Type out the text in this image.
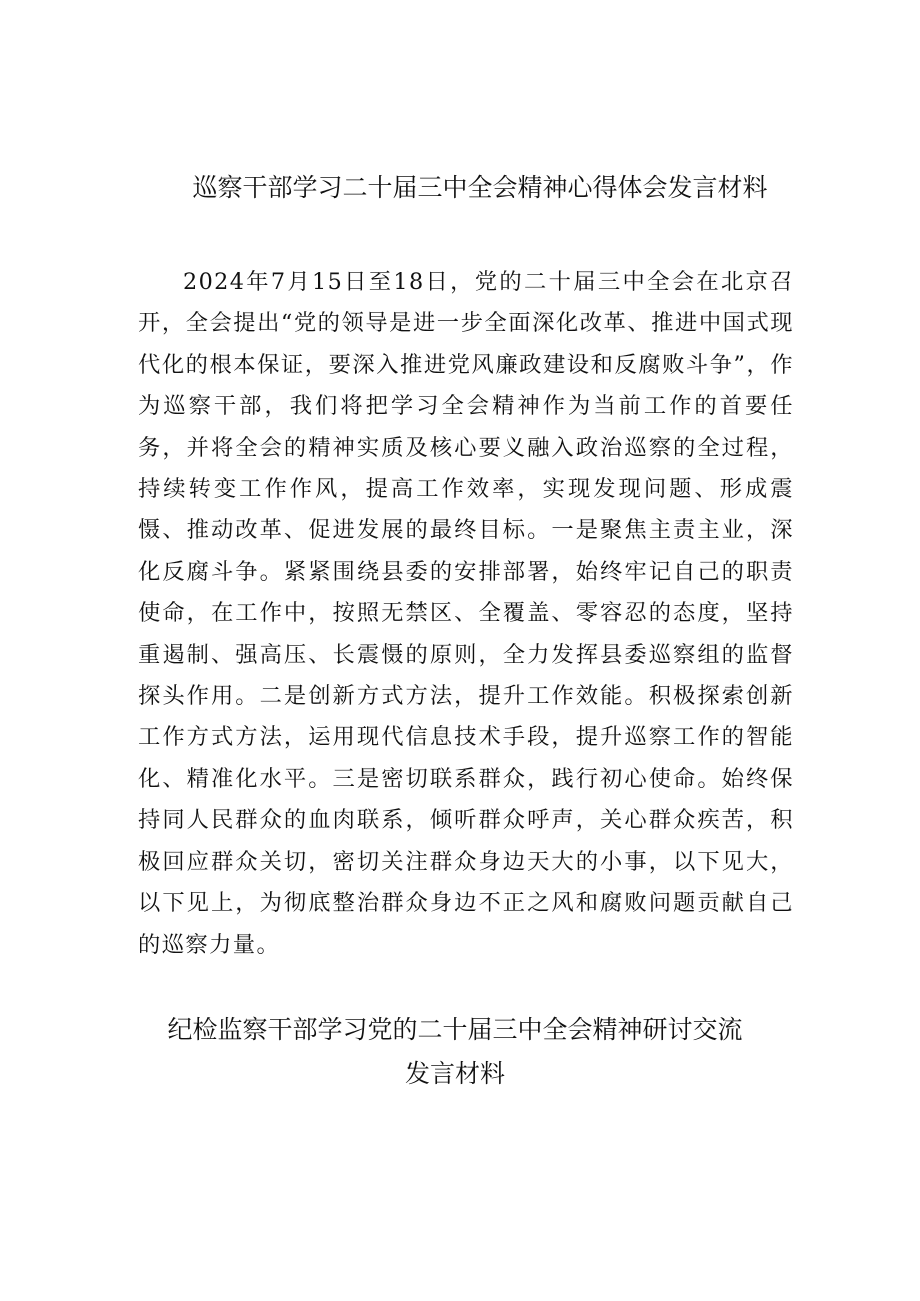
巡察干部学习二十届三中全会精神心得体会发言材料

2024年7月15日至18日，党的二十届三中全会在北京召开，全会提出“党的领导是进一步全面深化改革、推进中国式现代化的根本保证，要深入推进党风廉政建设和反腐败斗争”，作为巡察干部，我们将把学习全会精神作为当前工作的首要任务，并将全会的精神实质及核心要义融入政治巡察的全过程，持续转变工作作风，提高工作效率，实现发现问题、形成震慑、推动改革、促进发展的最终目标。一是聚焦主责主业，深化反腐斗争。紧紧围绕县委的安排部署，始终牢记自己的职责使命，在工作中，按照无禁区、全覆盖、零容忍的态度，坚持重遏制、强高压、长震慑的原则，全力发挥县委巡察组的监督探头作用。二是创新方式方法，提升工作效能。积极探索创新工作方式方法，运用现代信息技术手段，提升巡察工作的智能化、精准化水平。三是密切联系群众，践行初心使命。始终保持同人民群众的血肉联系，倾听群众呼声，关心群众疾苦，积极回应群众关切，密切关注群众身边天大的小事，以下见大，以下见上，为彻底整治群众身边不正之风和腐败问题贡献自己的巡察力量。

纪检监察干部学习党的二十届三中全会精神研讨交流
发言材料
